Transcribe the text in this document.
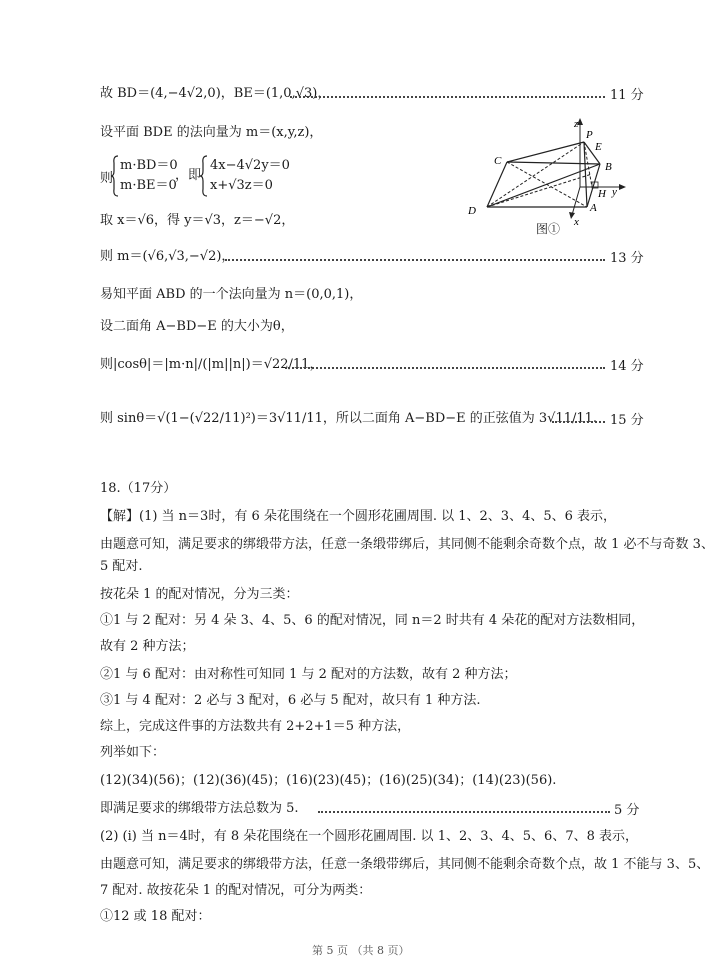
故 BD＝(4,−4√2,0)，BE＝(1,0,√3)，	11 分
设平面 BDE 的法向量为 m＝(x,y,z)，
则
m·BD＝0
m·BE＝0
，即
4x−4√2y＝0
x+√3z＝0
取 x＝√6，得 y＝√3，z＝−√2，
则 m＝(√6,√3,−√2)，	13 分
易知平面 ABD 的一个法向量为 n＝(0,0,1)，
设二面角 A−BD−E 的大小为θ，
则|cosθ|＝|m·n|/(|m||n|)＝√22/11，	14 分
则 sinθ＝√(1−(√22/11)²)＝3√11/11，所以二面角 A−BD−E 的正弦值为 3√11/11. 15 分
18.（17分）
【解】(1) 当 n＝3时，有 6 朵花围绕在一个圆形花圃周围. 以 1、2、3、4、5、6 表示，
由题意可知，满足要求的绑缎带方法，任意一条缎带绑后，其同侧不能剩余奇数个点，故 1 必不与奇数 3、
5 配对.
按花朵 1 的配对情况，分为三类：
①1 与 2 配对：另 4 朵 3、4、5、6 的配对情况，同 n＝2 时共有 4 朵花的配对方法数相同，
故有 2 种方法；
②1 与 6 配对：由对称性可知同 1 与 2 配对的方法数，故有 2 种方法；
③1 与 4 配对：2 必与 3 配对，6 必与 5 配对，故只有 1 种方法.
综上，完成这件事的方法数共有 2+2+1＝5 种方法，
列举如下：
(12)(34)(56)；(12)(36)(45)；(16)(23)(45)；(16)(25)(34)；(14)(23)(56).
即满足要求的绑缎带方法总数为 5.	5 分
(2) (i) 当 n＝4时，有 8 朵花围绕在一个圆形花圃周围. 以 1、2、3、4、5、6、7、8 表示，
由题意可知，满足要求的绑缎带方法，任意一条缎带绑后，其同侧不能剩余奇数个点，故 1 不能与 3、5、
7 配对. 故按花朵 1 的配对情况，可分为两类：
①12 或 18 配对：
第 5 页 （共 8 页）
z
P
C
E
B
H y
D	A
x
图①
